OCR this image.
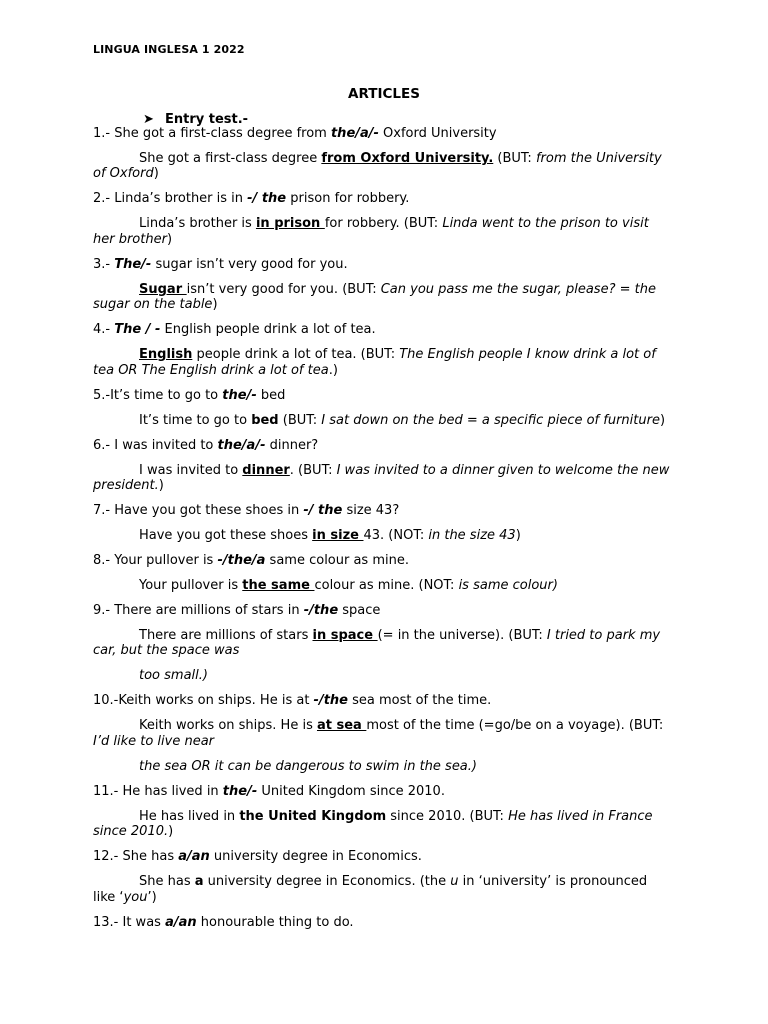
LINGUA INGLESA 1 2022
ARTICLES
➤ Entry test.-

1.- She got a first-class degree from the/a/- Oxford University

She got a first-class degree from Oxford University. (BUT: from the University of Oxford)

2.- Linda’s brother is in -/ the prison for robbery.

Linda’s brother is in prison for robbery. (BUT: Linda went to the prison to visit her brother)

3.- The/- sugar isn’t very good for you.

Sugar isn’t very good for you. (BUT: Can you pass me the sugar, please? = the sugar on the table)

4.- The / - English people drink a lot of tea.

English people drink a lot of tea. (BUT: The English people I know drink a lot of tea OR The English drink a lot of tea.)

5.-It’s time to go to the/- bed

It’s time to go to bed (BUT: I sat down on the bed = a specific piece of furniture)

6.- I was invited to the/a/- dinner?

I was invited to dinner. (BUT: I was invited to a dinner given to welcome the new president.)

7.- Have you got these shoes in -/ the size 43?

Have you got these shoes in size 43. (NOT: in the size 43)

8.- Your pullover is -/the/a same colour as mine.

Your pullover is the same colour as mine. (NOT: is same colour)

9.- There are millions of stars in -/the space

There are millions of stars in space (= in the universe). (BUT: I tried to park my car, but the space was

too small.)

10.-Keith works on ships. He is at -/the sea most of the time.

Keith works on ships. He is at sea most of the time (=go/be on a voyage). (BUT: I’d like to live near

the sea OR it can be dangerous to swim in the sea.)

11.- He has lived in the/- United Kingdom since 2010.

He has lived in the United Kingdom since 2010. (BUT: He has lived in France since 2010.)

12.- She has a/an university degree in Economics.

She has a university degree in Economics. (the u in ‘university’ is pronounced like ‘you’)

13.- It was a/an honourable thing to do.
